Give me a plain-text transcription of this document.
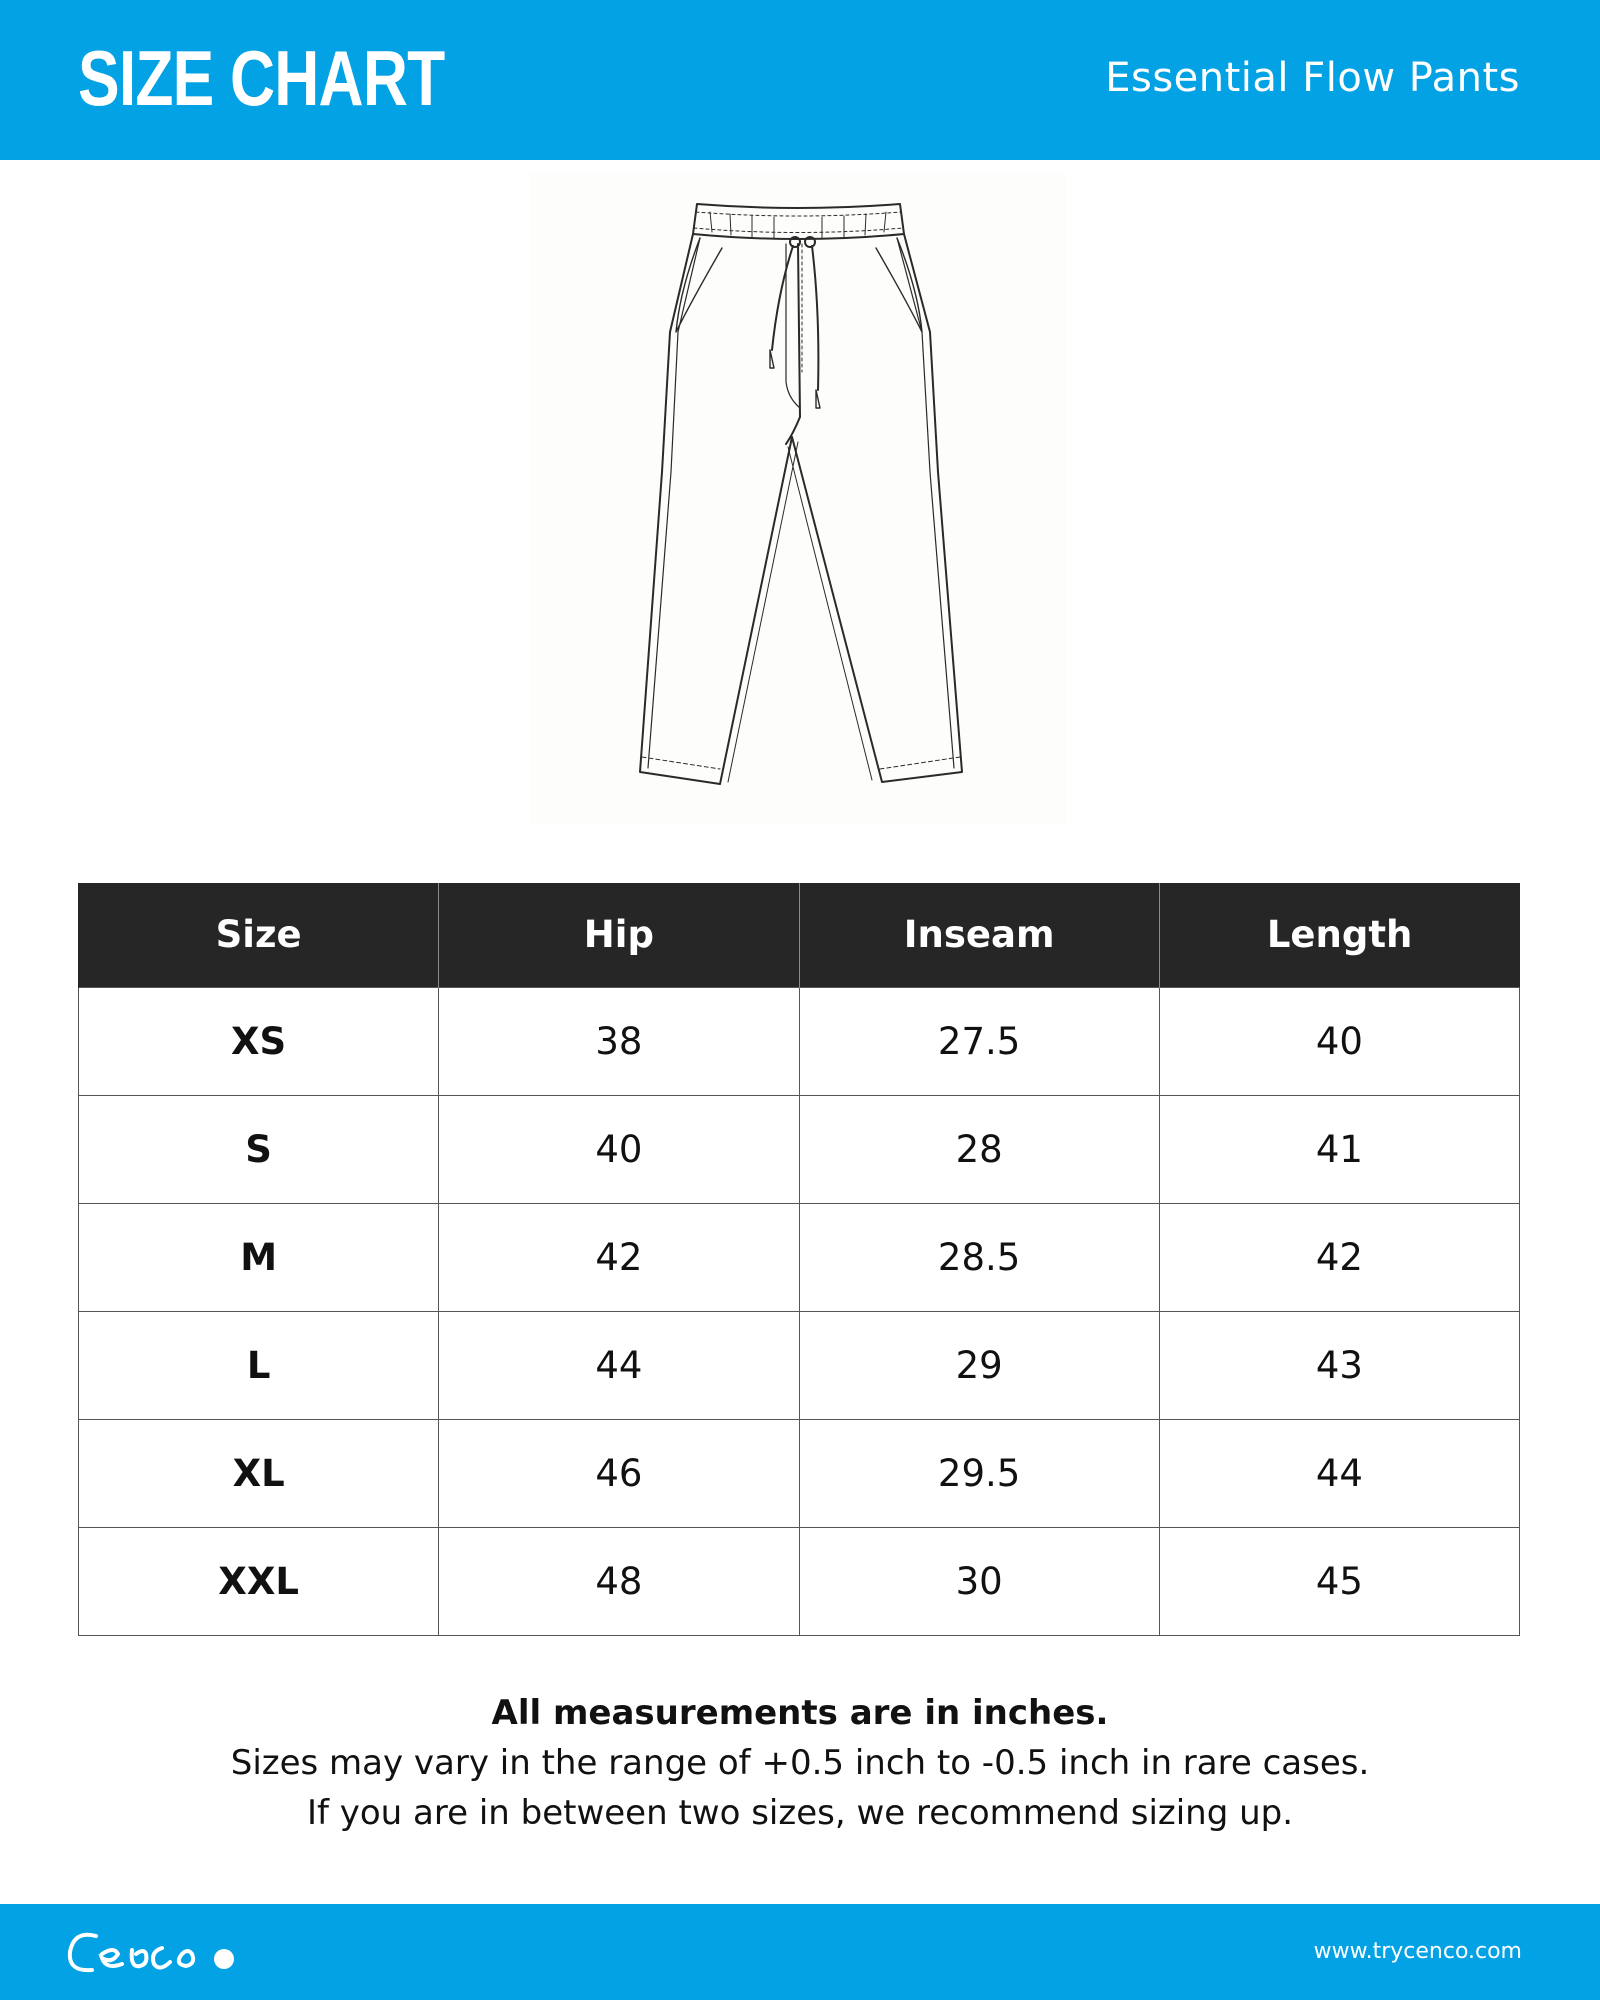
SIZE CHART	Essential Flow Pants
Size	Hip	Inseam	Length
XS	38	27.5	40
S	40	28	41
M	42	28.5	42
L	44	29	43
XL	46	29.5	44
XXL	48	30	45
All measurements are in inches.
Sizes may vary in the range of +0.5 inch to -0.5 inch in rare cases.
If you are in between two sizes, we recommend sizing up.
www.trycenco.com
